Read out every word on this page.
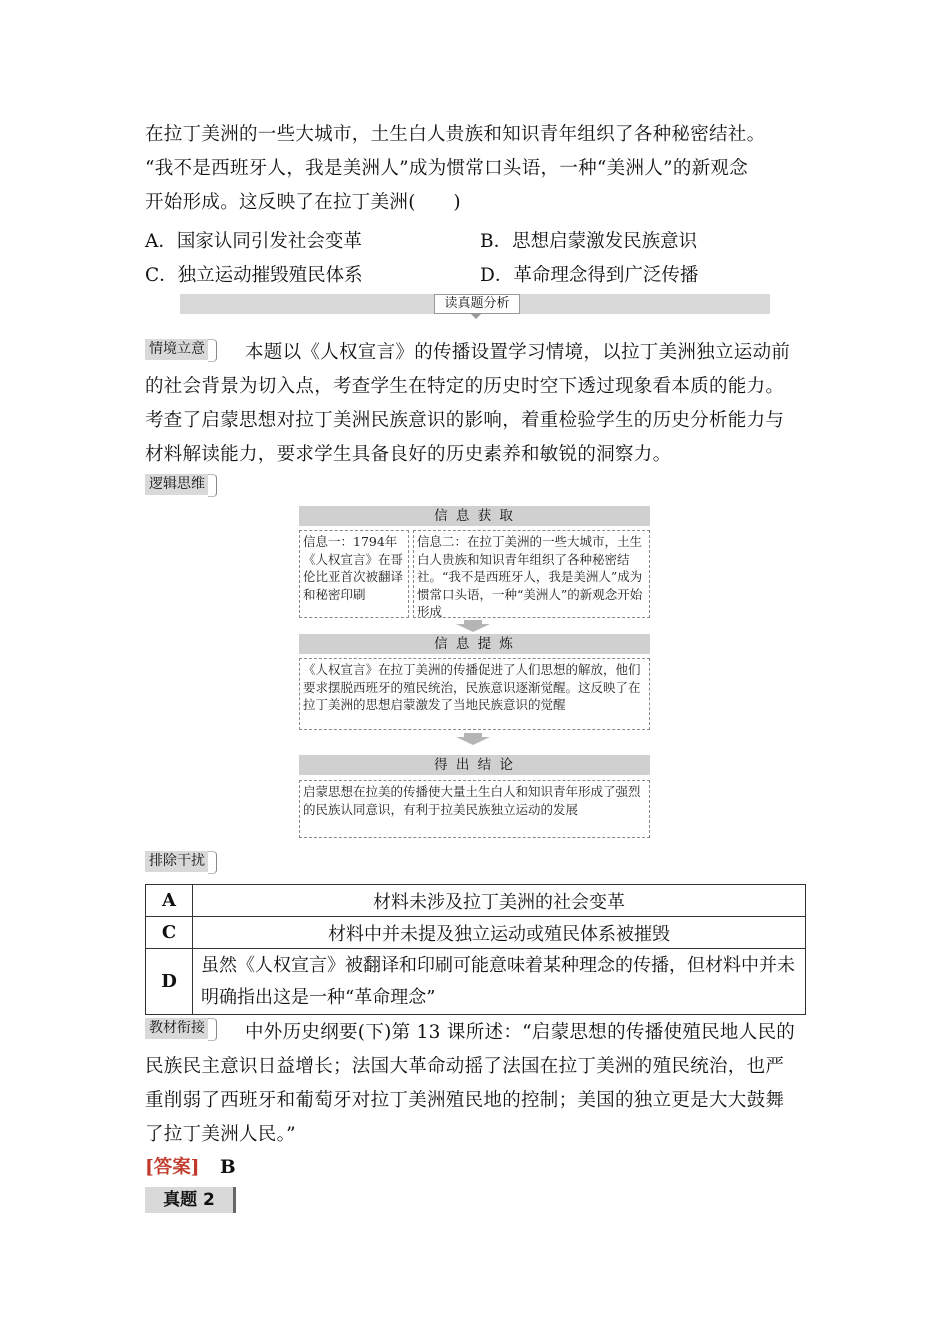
在拉丁美洲的一些大城市，土生白人贵族和知识青年组织了各种秘密结社。
“我不是西班牙人，我是美洲人”成为惯常口头语，一种“美洲人”的新观念
开始形成。这反映了在拉丁美洲(　　)
A．国家认同引发社会变革	B．思想启蒙激发民族意识
C．独立运动摧毁殖民体系	D．革命理念得到广泛传播
读真题分析
情境立意 本题以《人权宣言》的传播设置学习情境，以拉丁美洲独立运动前
的社会背景为切入点，考查学生在特定的历史时空下透过现象看本质的能力。
考查了启蒙思想对拉丁美洲民族意识的影响，着重检验学生的历史分析能力与
材料解读能力，要求学生具备良好的历史素养和敏锐的洞察力。
逻辑思维
信 息 获 取
信息一：1794年《人权宣言》在哥伦比亚首次被翻译和秘密印刷
信息二：在拉丁美洲的一些大城市，土生白人贵族和知识青年组织了各种秘密结社。“我不是西班牙人，我是美洲人”成为惯常口头语，一种“美洲人”的新观念开始形成
信 息 提 炼
《人权宣言》在拉丁美洲的传播促进了人们思想的解放，他们要求摆脱西班牙的殖民统治，民族意识逐渐觉醒。这反映了在拉丁美洲的思想启蒙激发了当地民族意识的觉醒
得 出 结 论
启蒙思想在拉美的传播使大量土生白人和知识青年形成了强烈的民族认同意识，有利于拉美民族独立运动的发展
排除干扰
A	材料未涉及拉丁美洲的社会变革
C	材料中并未提及独立运动或殖民体系被摧毁
D	虽然《人权宣言》被翻译和印刷可能意味着某种理念的传播，但材料中并未明确指出这是一种“革命理念”
教材衔接 中外历史纲要(下)第 13 课所述：“启蒙思想的传播使殖民地人民的
民族民主意识日益增长；法国大革命动摇了法国在拉丁美洲的殖民统治，也严
重削弱了西班牙和葡萄牙对拉丁美洲殖民地的控制；美国的独立更是大大鼓舞
了拉丁美洲人民。”
[答案] B
真题 2
